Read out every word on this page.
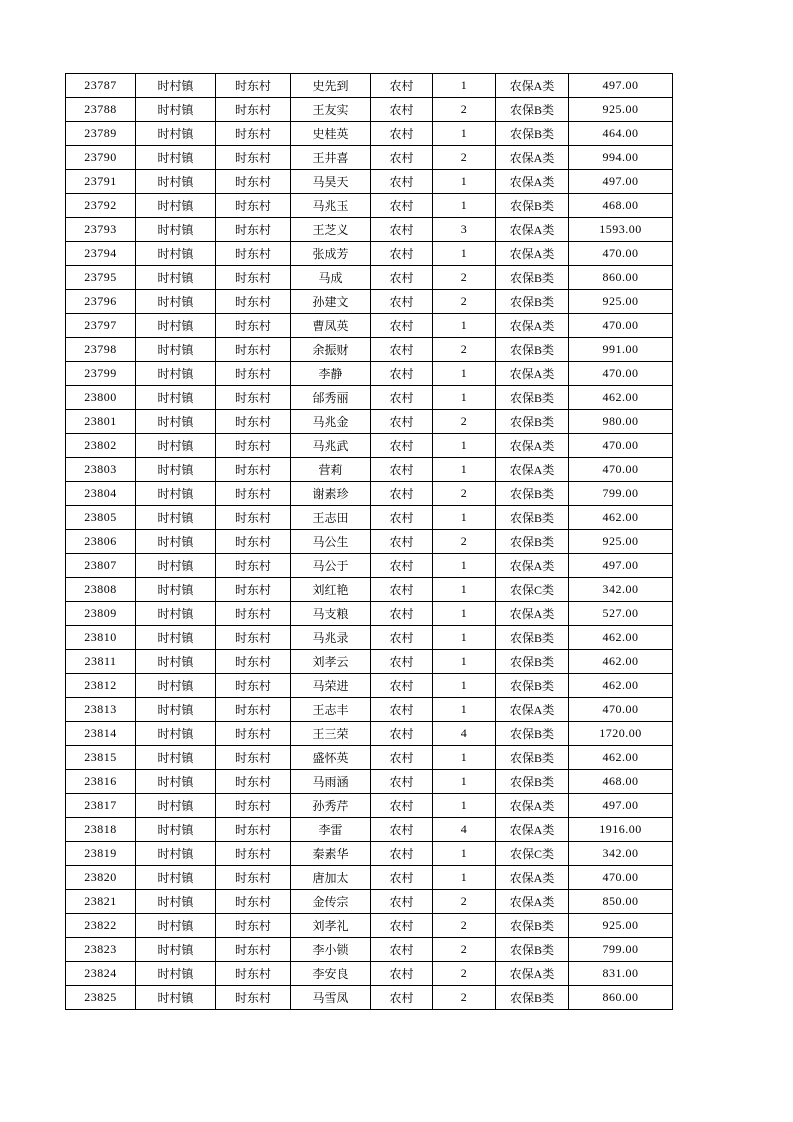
23787	时村镇	时东村	史先到	农村	1	农保A类	497.00
23788	时村镇	时东村	王友实	农村	2	农保B类	925.00
23789	时村镇	时东村	史桂英	农村	1	农保B类	464.00
23790	时村镇	时东村	王井喜	农村	2	农保A类	994.00
23791	时村镇	时东村	马昊天	农村	1	农保A类	497.00
23792	时村镇	时东村	马兆玉	农村	1	农保B类	468.00
23793	时村镇	时东村	王芝义	农村	3	农保A类	1593.00
23794	时村镇	时东村	张成芳	农村	1	农保A类	470.00
23795	时村镇	时东村	马成	农村	2	农保B类	860.00
23796	时村镇	时东村	孙建文	农村	2	农保B类	925.00
23797	时村镇	时东村	曹凤英	农村	1	农保A类	470.00
23798	时村镇	时东村	余振财	农村	2	农保B类	991.00
23799	时村镇	时东村	李静	农村	1	农保A类	470.00
23800	时村镇	时东村	邰秀丽	农村	1	农保B类	462.00
23801	时村镇	时东村	马兆金	农村	2	农保B类	980.00
23802	时村镇	时东村	马兆武	农村	1	农保A类	470.00
23803	时村镇	时东村	营莉	农村	1	农保A类	470.00
23804	时村镇	时东村	谢素珍	农村	2	农保B类	799.00
23805	时村镇	时东村	王志田	农村	1	农保B类	462.00
23806	时村镇	时东村	马公生	农村	2	农保B类	925.00
23807	时村镇	时东村	马公于	农村	1	农保A类	497.00
23808	时村镇	时东村	刘红艳	农村	1	农保C类	342.00
23809	时村镇	时东村	马支粮	农村	1	农保A类	527.00
23810	时村镇	时东村	马兆录	农村	1	农保B类	462.00
23811	时村镇	时东村	刘孝云	农村	1	农保B类	462.00
23812	时村镇	时东村	马荣进	农村	1	农保B类	462.00
23813	时村镇	时东村	王志丰	农村	1	农保A类	470.00
23814	时村镇	时东村	王三荣	农村	4	农保B类	1720.00
23815	时村镇	时东村	盛怀英	农村	1	农保B类	462.00
23816	时村镇	时东村	马雨涵	农村	1	农保B类	468.00
23817	时村镇	时东村	孙秀芹	农村	1	农保A类	497.00
23818	时村镇	时东村	李雷	农村	4	农保A类	1916.00
23819	时村镇	时东村	秦素华	农村	1	农保C类	342.00
23820	时村镇	时东村	唐加太	农村	1	农保A类	470.00
23821	时村镇	时东村	金传宗	农村	2	农保A类	850.00
23822	时村镇	时东村	刘孝礼	农村	2	农保B类	925.00
23823	时村镇	时东村	李小锁	农村	2	农保B类	799.00
23824	时村镇	时东村	李安良	农村	2	农保A类	831.00
23825	时村镇	时东村	马雪凤	农村	2	农保B类	860.00
